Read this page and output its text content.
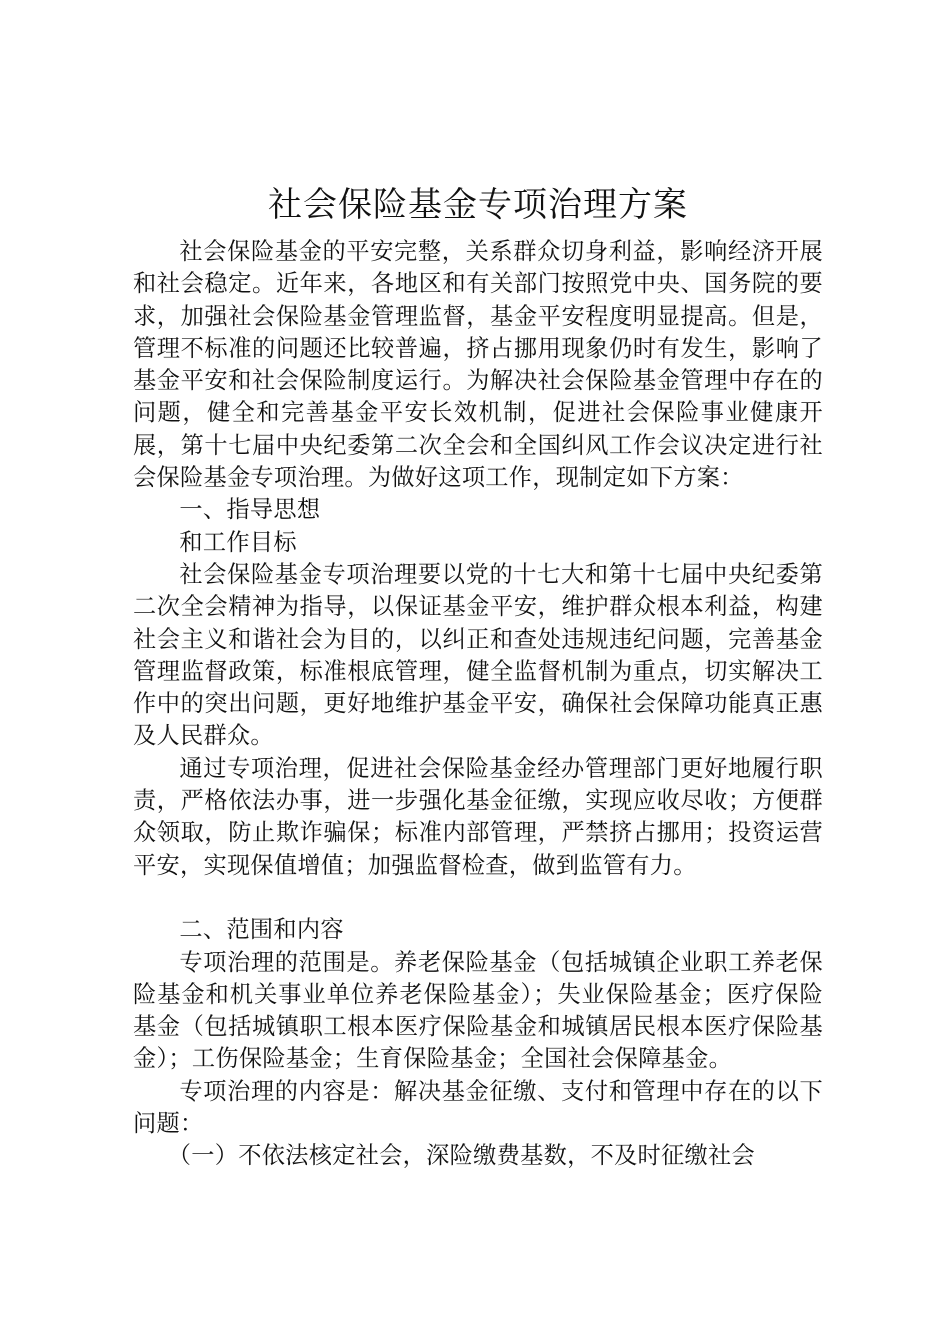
社会保险基金专项治理方案

社会保险基金的平安完整，关系群众切身利益，影响经济开展和社会稳定。近年来，各地区和有关部门按照党中央、国务院的要求，加强社会保险基金管理监督，基金平安程度明显提高。但是，管理不标准的问题还比较普遍，挤占挪用现象仍时有发生，影响了基金平安和社会保险制度运行。为解决社会保险基金管理中存在的问题，健全和完善基金平安长效机制，促进社会保险事业健康开展，第十七届中央纪委第二次全会和全国纠风工作会议决定进行社会保险基金专项治理。为做好这项工作，现制定如下方案：

一、指导思想

和工作目标

社会保险基金专项治理要以党的十七大和第十七届中央纪委第二次全会精神为指导，以保证基金平安，维护群众根本利益，构建社会主义和谐社会为目的，以纠正和查处违规违纪问题，完善基金管理监督政策，标准根底管理，健全监督机制为重点，切实解决工作中的突出问题，更好地维护基金平安，确保社会保障功能真正惠及人民群众。

通过专项治理，促进社会保险基金经办管理部门更好地履行职责，严格依法办事，进一步强化基金征缴，实现应收尽收；方便群众领取，防止欺诈骗保；标准内部管理，严禁挤占挪用；投资运营平安，实现保值增值；加强监督检查，做到监管有力。

二、范围和内容

专项治理的范围是。养老保险基金（包括城镇企业职工养老保险基金和机关事业单位养老保险基金）；失业保险基金；医疗保险基金（包括城镇职工根本医疗保险基金和城镇居民根本医疗保险基金）；工伤保险基金；生育保险基金；全国社会保障基金。

专项治理的内容是：解决基金征缴、支付和管理中存在的以下问题：

（一）不依法核定社会，深险缴费基数，不及时征缴社会
